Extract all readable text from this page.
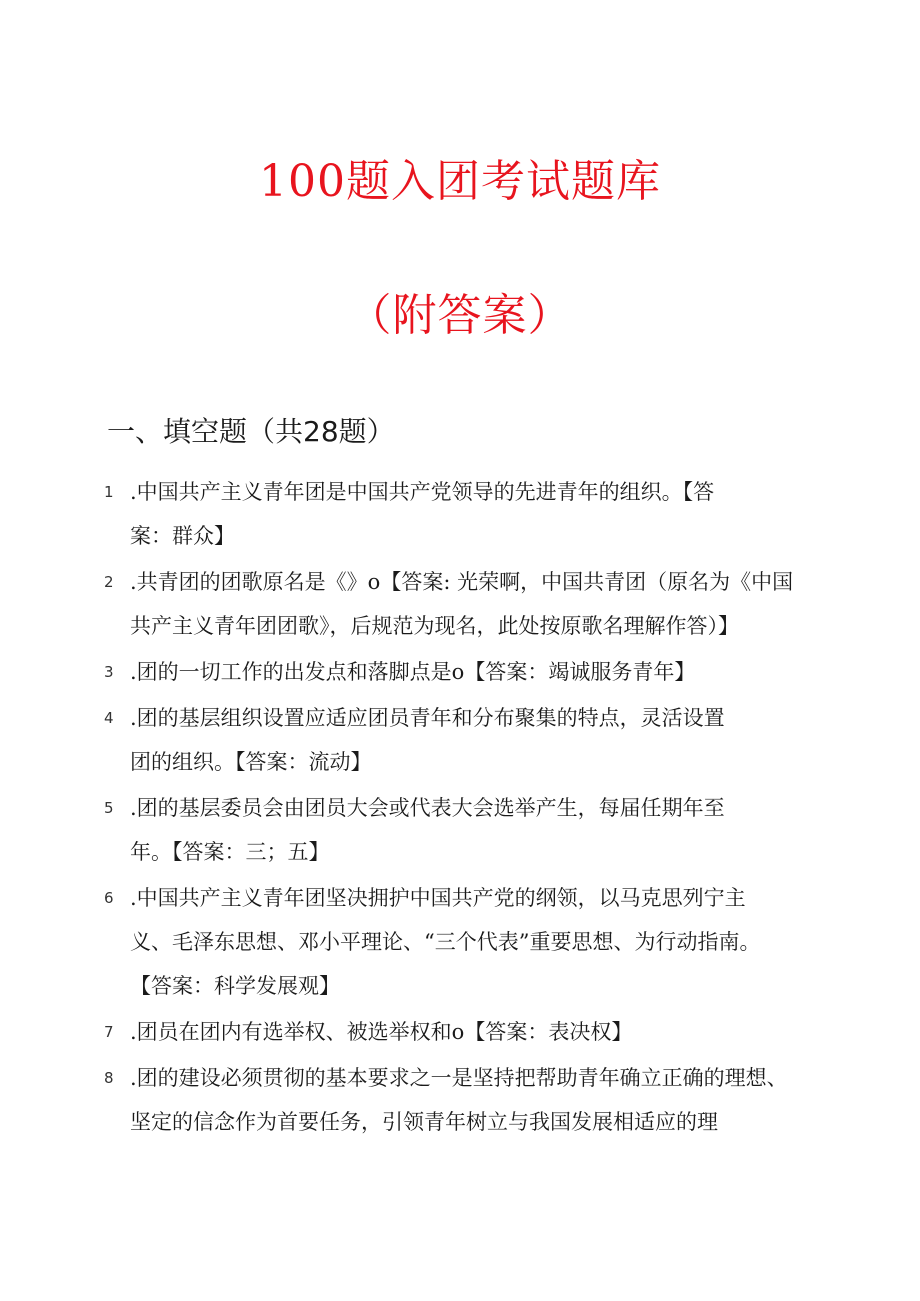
100题入团考试题库
（附答案）
一、填空题（共28题）
1 .中国共产主义青年团是中国共产党领导的先进青年的组织。【答
案：群众】
2 .共青团的团歌原名是《》o【答案: 光荣啊，中国共青团（原名为《中国
共产主义青年团团歌》，后规范为现名，此处按原歌名理解作答）】
3 .团的一切工作的出发点和落脚点是o【答案：竭诚服务青年】
4 .团的基层组织设置应适应团员青年和分布聚集的特点，灵活设置
团的组织。【答案：流动】
5 .团的基层委员会由团员大会或代表大会选举产生，每届任期年至
年。【答案：三；五】
6 .中国共产主义青年团坚决拥护中国共产党的纲领，以马克思列宁主
义、毛泽东思想、邓小平理论、“三个代表”重要思想、为行动指南。
【答案：科学发展观】
7 .团员在团内有选举权、被选举权和o【答案：表决权】
8 .团的建设必须贯彻的基本要求之一是坚持把帮助青年确立正确的理想、
坚定的信念作为首要任务，引领青年树立与我国发展相适应的理
